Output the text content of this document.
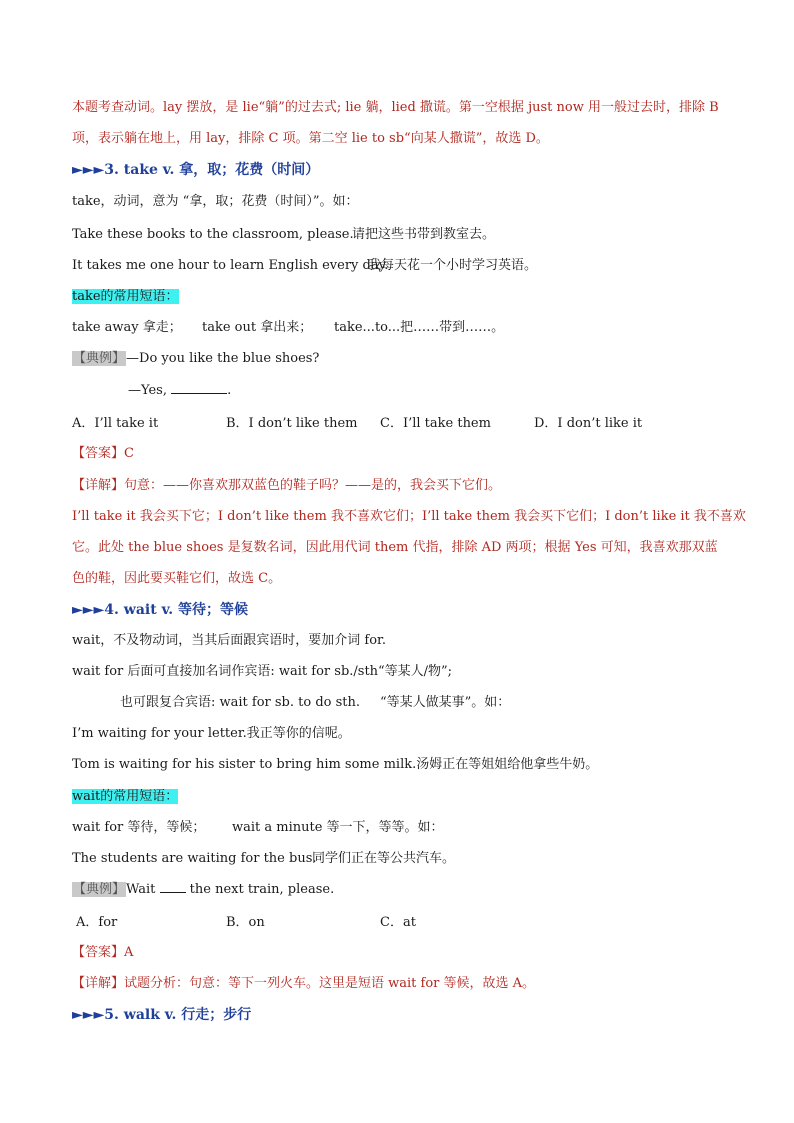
本题考查动词。lay 摆放，是 lie“躺”的过去式; lie 躺，lied 撒谎。第一空根据 just now 用一般过去时，排除 B
项，表示躺在地上，用 lay，排除 C 项。第二空 lie to sb“向某人撒谎”，故选 D。
►►►3. take v. 拿，取；花费（时间）
take，动词，意为 “拿，取；花费（时间）”。如：
Take these books to the classroom, please.
请把这些书带到教室去。
It takes me one hour to learn English every day.
我每天花一个小时学习英语。
take的常用短语：
take away 拿走； take out 拿出来； take...to...把……带到……。
【典例】—Do you like the blue shoes?
—Yes,	.
A．I’ll take it	B．I don’t like them C．I’ll take them	D．I don’t like it
【答案】C
【详解】句意：——你喜欢那双蓝色的鞋子吗？——是的，我会买下它们。
I’ll take it 我会买下它；I don’t like them 我不喜欢它们；I’ll take them 我会买下它们；I don’t like it 我不喜欢
它。此处 the blue shoes 是复数名词，因此用代词 them 代指，排除 AD 两项；根据 Yes 可知，我喜欢那双蓝
色的鞋，因此要买鞋它们，故选 C。
►►►4. wait v. 等待；等候
wait，不及物动词，当其后面跟宾语时，要加介词 for.
wait for 后面可直接加名词作宾语: wait for sb./sth “等某人/物”;
也可跟复合宾语: wait for sb. to do sth. “等某人做某事”。如：
I’m waiting for your letter.我正等你的信呢。
Tom is waiting for his sister to bring him some milk.汤姆正在等姐姐给他拿些牛奶。
wait的常用短语：
wait for 等待，等候； wait a minute 等一下，等等。如：
The students are waiting for the bus.
同学们正在等公共汽车。
【典例】Wait  the next train, please.
A．for	B．on	C．at
【答案】A
【详解】试题分析：句意：等下一列火车。这里是短语 wait for 等候，故选 A。
►►►5. walk v. 行走；步行
